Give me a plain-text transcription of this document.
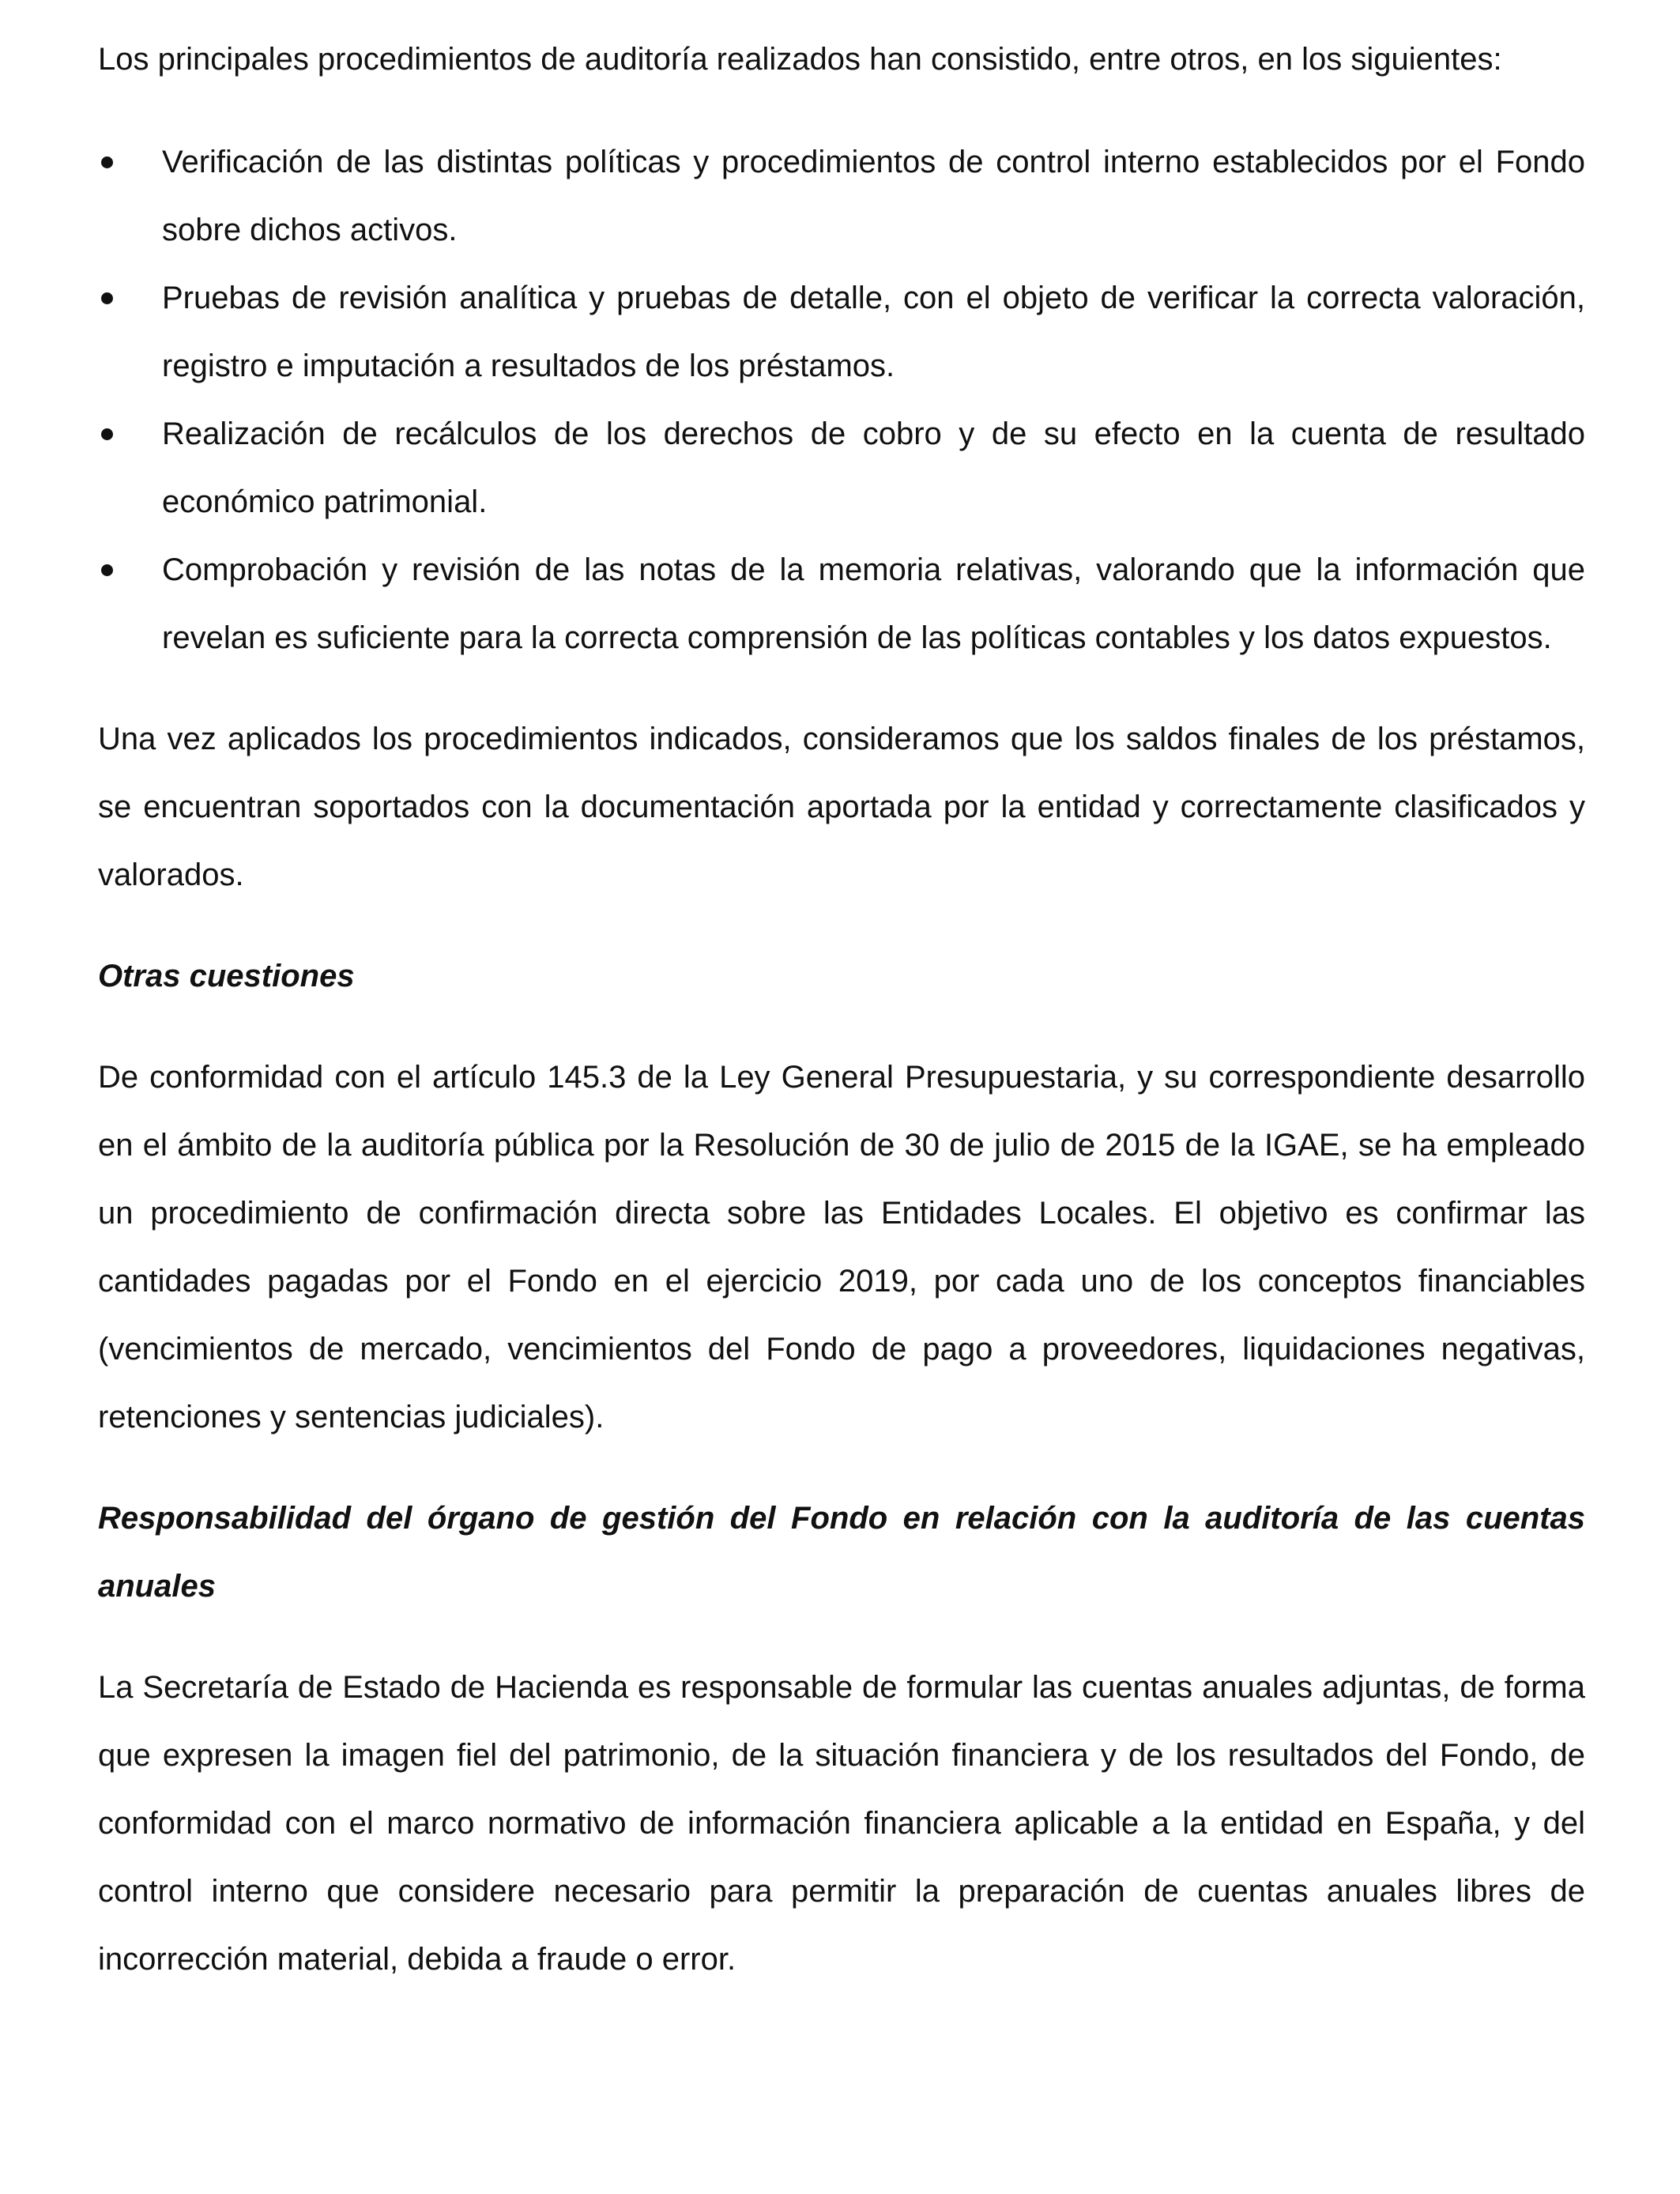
Los principales procedimientos de auditoría realizados han consistido, entre otros, en los siguientes:

Verificación de las distintas políticas y procedimientos de control interno establecidos por el Fondo sobre dichos activos.
Pruebas de revisión analítica y pruebas de detalle, con el objeto de verificar la correcta valoración, registro e imputación a resultados de los préstamos.
Realización de recálculos de los derechos de cobro y de su efecto en la cuenta de resultado económico patrimonial.
Comprobación y revisión de las notas de la memoria relativas, valorando que la información que revelan es suficiente para la correcta comprensión de las políticas contables y los datos expuestos.

Una vez aplicados los procedimientos indicados, consideramos que los saldos finales de los préstamos, se encuentran soportados con la documentación aportada por la entidad y correctamente clasificados y valorados.

Otras cuestiones

De conformidad con el artículo 145.3 de la Ley General Presupuestaria, y su correspondiente desarrollo en el ámbito de la auditoría pública por la Resolución de 30 de julio de 2015 de la IGAE, se ha empleado un procedimiento de confirmación directa sobre las Entidades Locales. El objetivo es confirmar las cantidades pagadas por el Fondo en el ejercicio 2019, por cada uno de los conceptos financiables (vencimientos de mercado, vencimientos del Fondo de pago a proveedores, liquidaciones negativas, retenciones y sentencias judiciales).

Responsabilidad del órgano de gestión del Fondo en relación con la auditoría de las cuentas anuales

La Secretaría de Estado de Hacienda es responsable de formular las cuentas anuales adjuntas, de forma que expresen la imagen fiel del patrimonio, de la situación financiera y de los resultados del Fondo, de conformidad con el marco normativo de información financiera aplicable a la entidad en España, y del control interno que considere necesario para permitir la preparación de cuentas anuales libres de incorrección material, debida a fraude o error.
